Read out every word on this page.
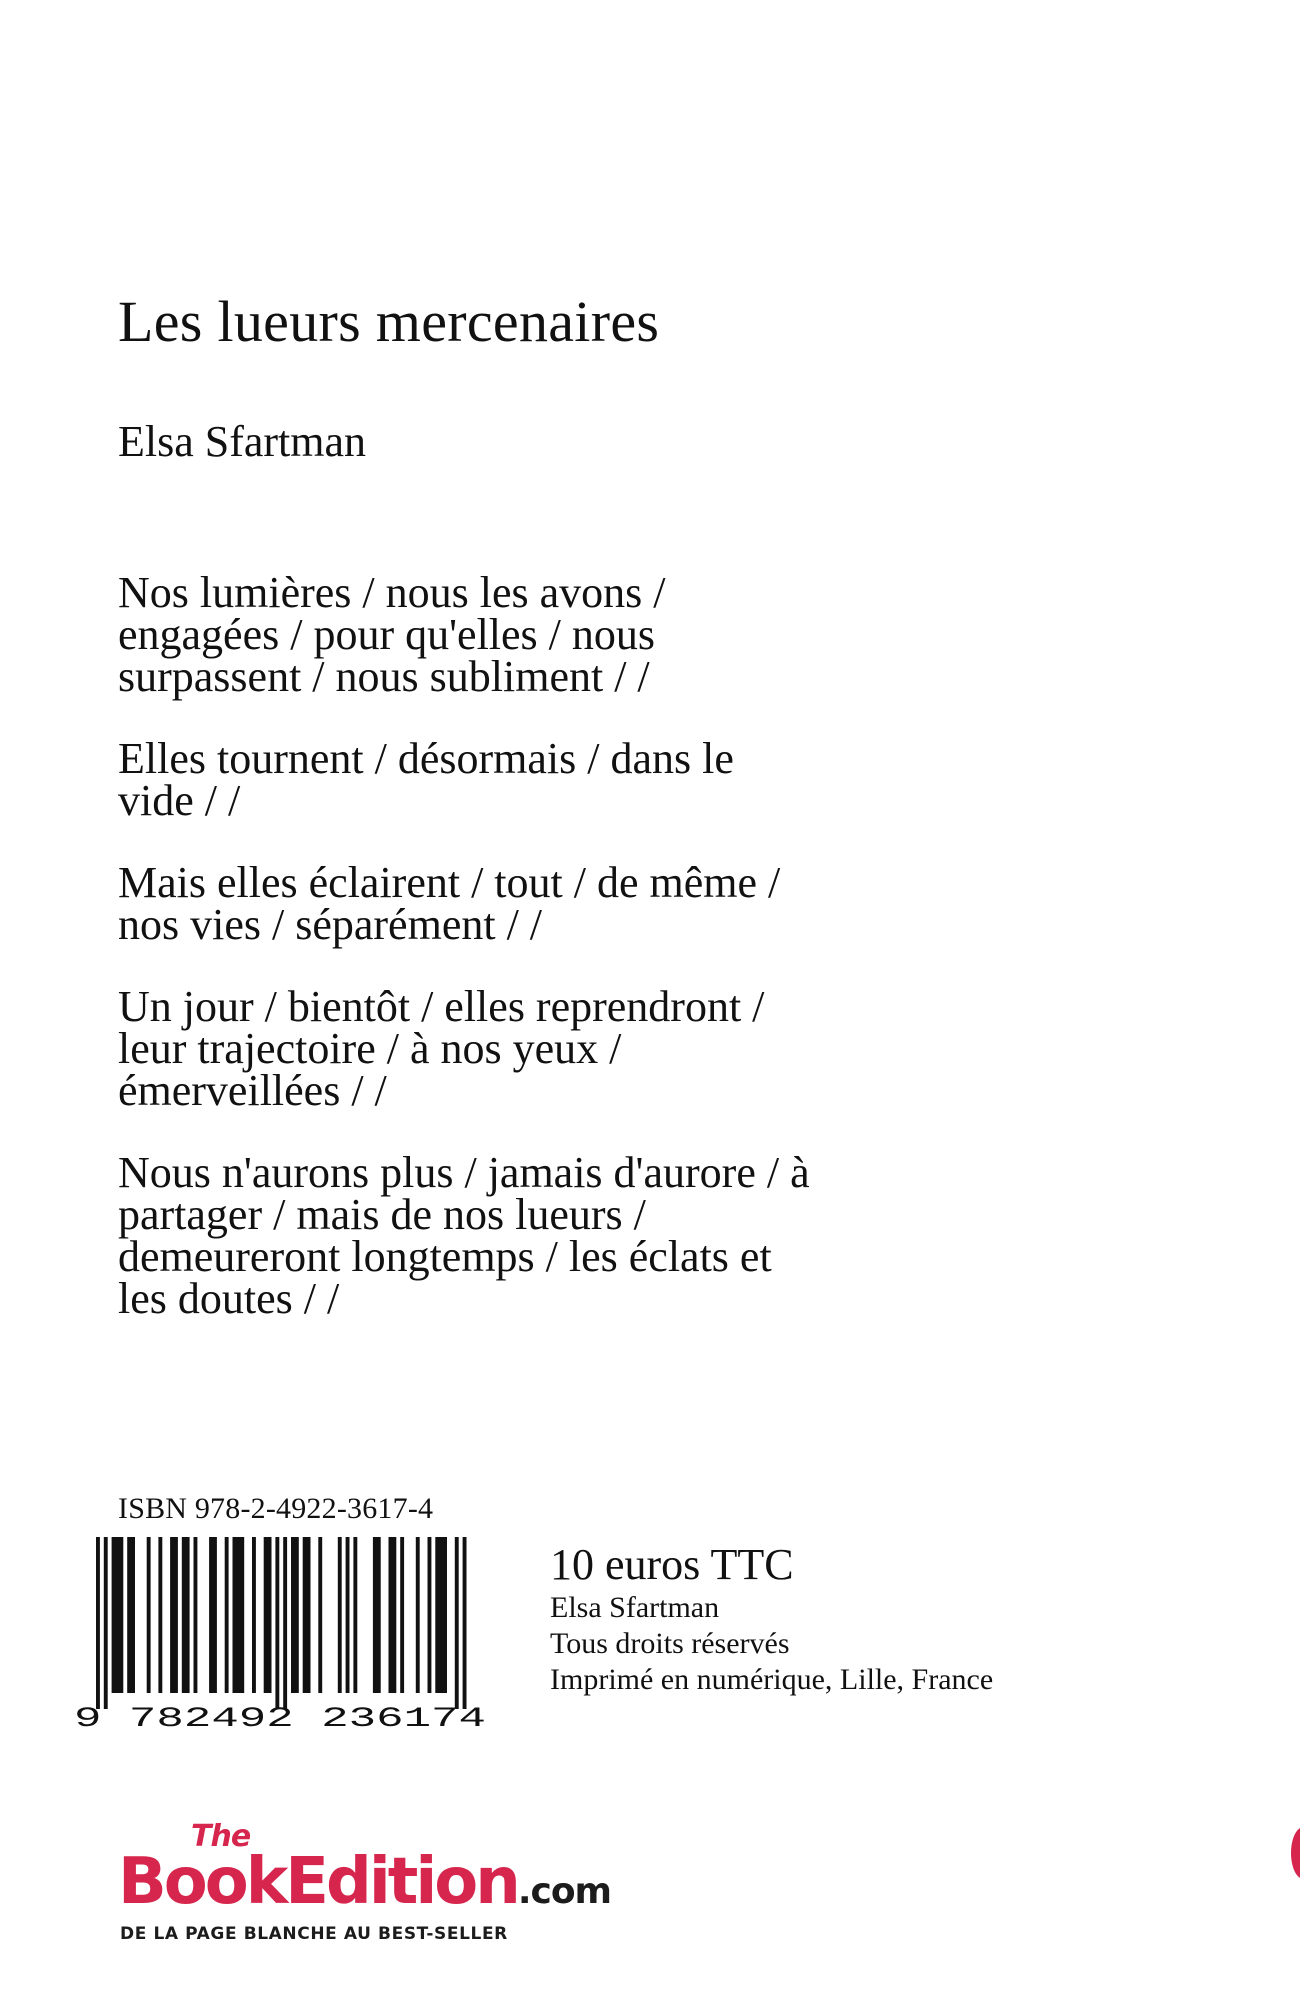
Les lueurs mercenaires
Elsa Sfartman
Nos lumières / nous les avons /
engagées / pour qu'elles / nous
surpassent / nous subliment / /
Elles tournent / désormais / dans le
vide / /
Mais elles éclairent / tout / de même /
nos vies / séparément / /
Un jour / bientôt / elles reprendront /
leur trajectoire / à nos yeux /
émerveillées / /
Nous n'aurons plus / jamais d'aurore / à
partager / mais de nos lueurs /
demeureront longtemps / les éclats et
les doutes / /
ISBN 978-2-4922-3617-4
9 782492 236174
10 euros TTC
Elsa Sfartman
Tous droits réservés
Imprimé en numérique, Lille, France
The
BookEdition.com
DE LA PAGE BLANCHE AU BEST-SELLER
